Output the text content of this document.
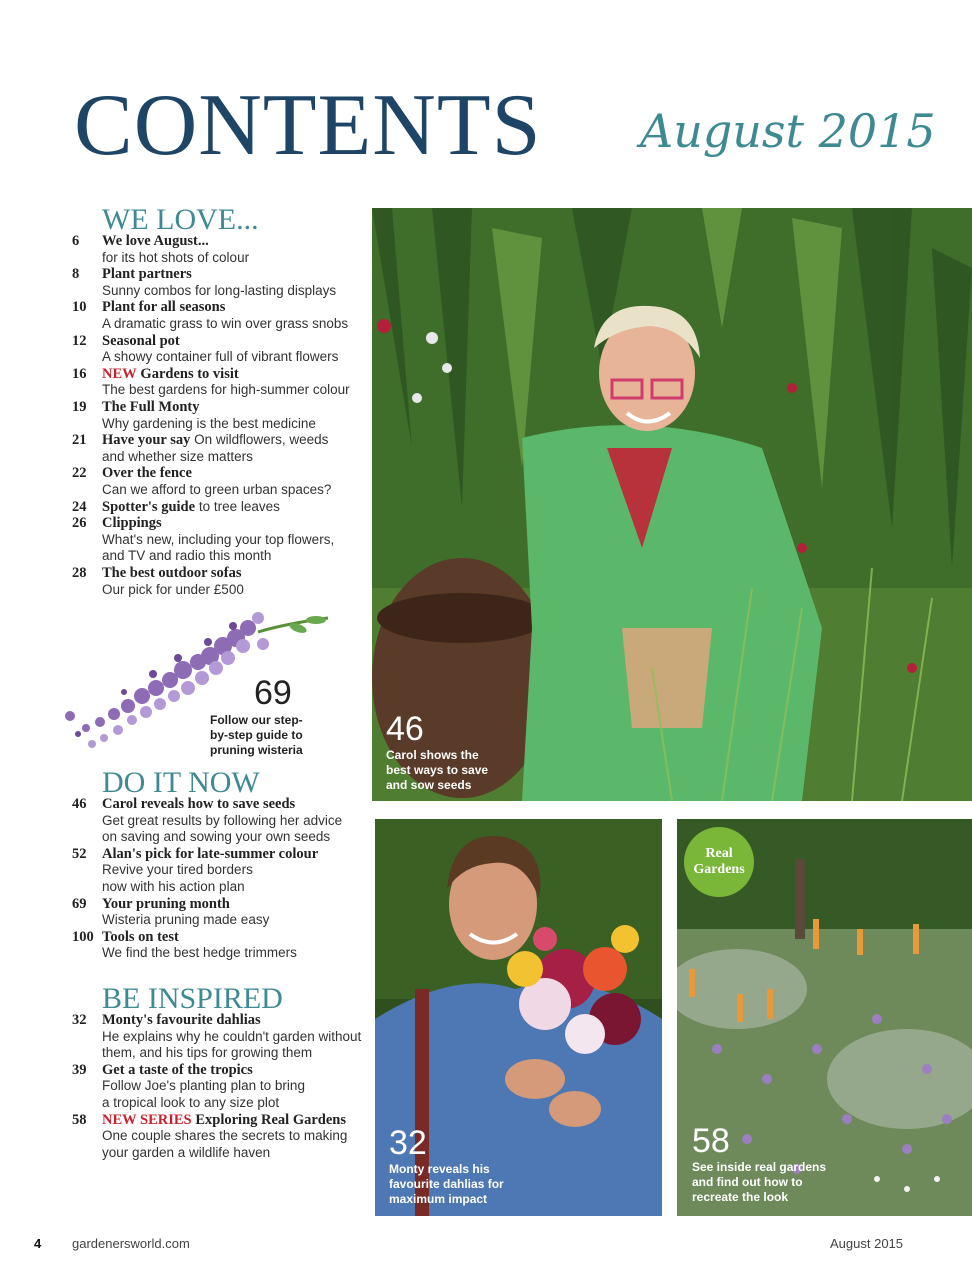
CONTENTS August 2015
WE LOVE...
6 We love August...
for its hot shots of colour
8 Plant partners
Sunny combos for long-lasting displays
10 Plant for all seasons
A dramatic grass to win over grass snobs
12 Seasonal pot
A showy container full of vibrant flowers
16 NEW Gardens to visit
The best gardens for high-summer colour
19 The Full Monty
Why gardening is the best medicine
21 Have your say On wildflowers, weeds
and whether size matters
22 Over the fence
Can we afford to green urban spaces?
24 Spotter's guide to tree leaves
26 Clippings
What's new, including your top flowers,
and TV and radio this month
28 The best outdoor sofas
Our pick for under £500
69
Follow our step-by-step guide to pruning wisteria
DO IT NOW
46 Carol reveals how to save seeds
Get great results by following her advice
on saving and sowing your own seeds
52 Alan's pick for late-summer colour
Revive your tired borders
now with his action plan
69 Your pruning month
Wisteria pruning made easy
100 Tools on test
We find the best hedge trimmers
BE INSPIRED
32 Monty's favourite dahlias
He explains why he couldn't garden without
them, and his tips for growing them
39 Get a taste of the tropics
Follow Joe's planting plan to bring
a tropical look to any size plot
58 NEW SERIES Exploring Real Gardens
One couple shares the secrets to making
your garden a wildlife haven
46
Carol shows the
best ways to save
and sow seeds
32
Monty reveals his
favourite dahlias for
maximum impact
Real
Gardens
58
See inside real gardens
and find out how to
recreate the look
4 gardenersworld.com	August 2015
